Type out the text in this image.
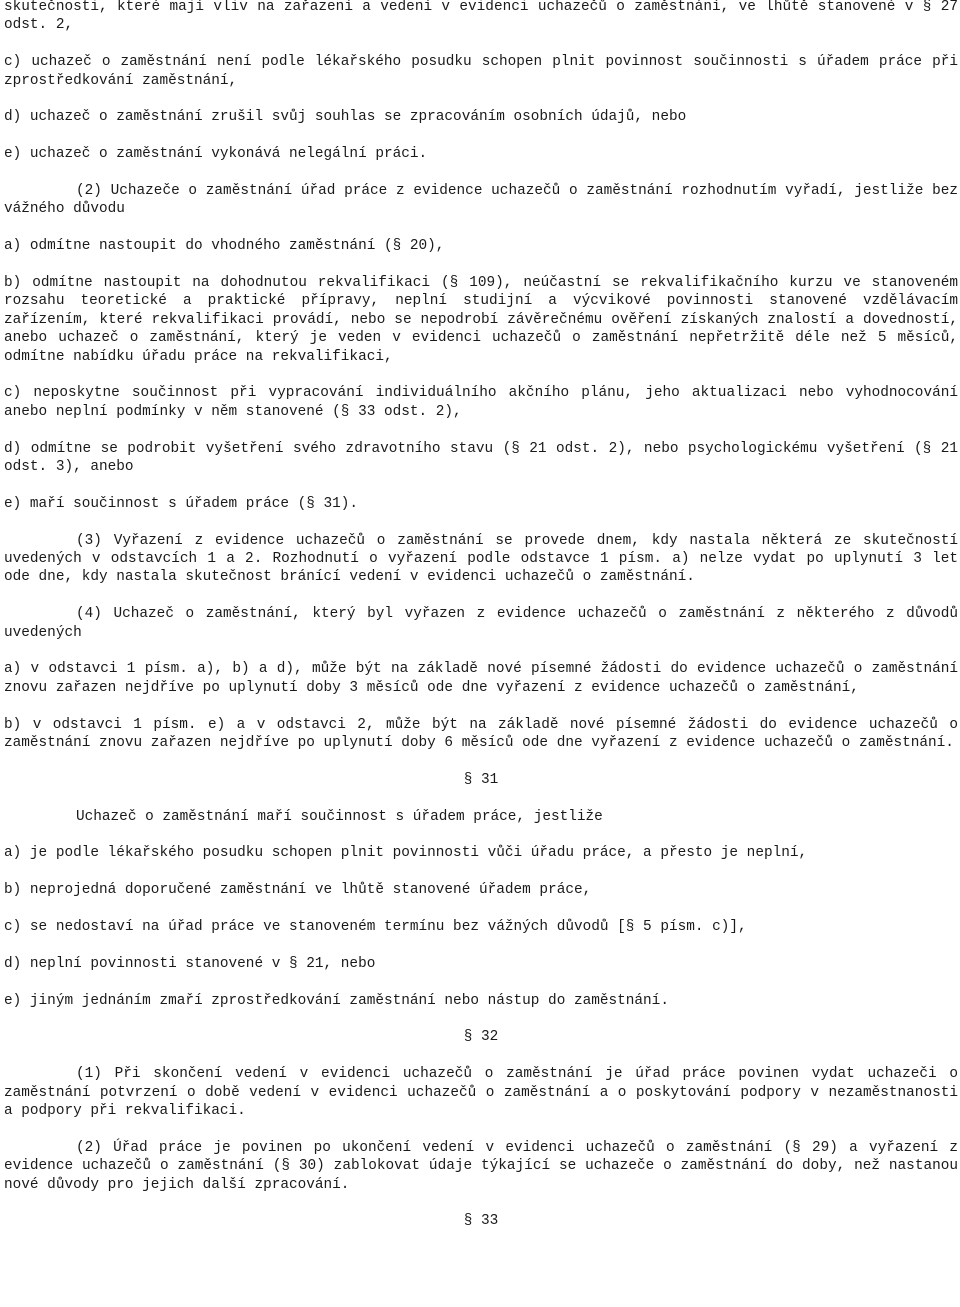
skutečnosti, které mají vliv na zařazení a vedení v evidenci uchazečů o zaměstnání, ve lhůtě stanovené v § 27 odst. 2,

c) uchazeč o zaměstnání není podle lékařského posudku schopen plnit povinnost součinnosti s úřadem práce při zprostředkování zaměstnání,

d) uchazeč o zaměstnání zrušil svůj souhlas se zpracováním osobních údajů, nebo

e) uchazeč o zaměstnání vykonává nelegální práci.

(2) Uchazeče o zaměstnání úřad práce z evidence uchazečů o zaměstnání rozhodnutím vyřadí, jestliže bez vážného důvodu

a) odmítne nastoupit do vhodného zaměstnání (§ 20),

b) odmítne nastoupit na dohodnutou rekvalifikaci (§ 109), neúčastní se rekvalifikačního kurzu ve stanoveném rozsahu teoretické a praktické přípravy, neplní studijní a výcvikové povinnosti stanovené vzdělávacím zařízením, které rekvalifikaci provádí, nebo se nepodrobí závěrečnému ověření získaných znalostí a dovedností, anebo uchazeč o zaměstnání, který je veden v evidenci uchazečů o zaměstnání nepřetržitě déle než 5 měsíců, odmítne nabídku úřadu práce na rekvalifikaci,

c) neposkytne součinnost při vypracování individuálního akčního plánu, jeho aktualizaci nebo vyhodnocování anebo neplní podmínky v něm stanovené (§ 33 odst. 2),

d) odmítne se podrobit vyšetření svého zdravotního stavu (§ 21 odst. 2), nebo psychologickému vyšetření (§ 21 odst. 3), anebo

e) maří součinnost s úřadem práce (§ 31).

(3) Vyřazení z evidence uchazečů o zaměstnání se provede dnem, kdy nastala některá ze skutečností uvedených v odstavcích 1 a 2. Rozhodnutí o vyřazení podle odstavce 1 písm. a) nelze vydat po uplynutí 3 let ode dne, kdy nastala skutečnost bránící vedení v evidenci uchazečů o zaměstnání.

(4) Uchazeč o zaměstnání, který byl vyřazen z evidence uchazečů o zaměstnání z některého z důvodů uvedených

a) v odstavci 1 písm. a), b) a d), může být na základě nové písemné žádosti do evidence uchazečů o zaměstnání znovu zařazen nejdříve po uplynutí doby 3 měsíců ode dne vyřazení z evidence uchazečů o zaměstnání,

b) v odstavci 1 písm. e) a v odstavci 2, může být na základě nové písemné žádosti do evidence uchazečů o zaměstnání znovu zařazen nejdříve po uplynutí doby 6 měsíců ode dne vyřazení z evidence uchazečů o zaměstnání.

§ 31

Uchazeč o zaměstnání maří součinnost s úřadem práce, jestliže

a) je podle lékařského posudku schopen plnit povinnosti vůči úřadu práce, a přesto je neplní,

b) neprojedná doporučené zaměstnání ve lhůtě stanovené úřadem práce,

c) se nedostaví na úřad práce ve stanoveném termínu bez vážných důvodů [§ 5 písm. c)],

d) neplní povinnosti stanovené v § 21, nebo

e) jiným jednáním zmaří zprostředkování zaměstnání nebo nástup do zaměstnání.

§ 32

(1) Při skončení vedení v evidenci uchazečů o zaměstnání je úřad práce povinen vydat uchazeči o zaměstnání potvrzení o době vedení v evidenci uchazečů o zaměstnání a o poskytování podpory v nezaměstnanosti a podpory při rekvalifikaci.

(2) Úřad práce je povinen po ukončení vedení v evidenci uchazečů o zaměstnání (§ 29) a vyřazení z evidence uchazečů o zaměstnání (§ 30) zablokovat údaje týkající se uchazeče o zaměstnání do doby, než nastanou nové důvody pro jejich další zpracování.

§ 33
